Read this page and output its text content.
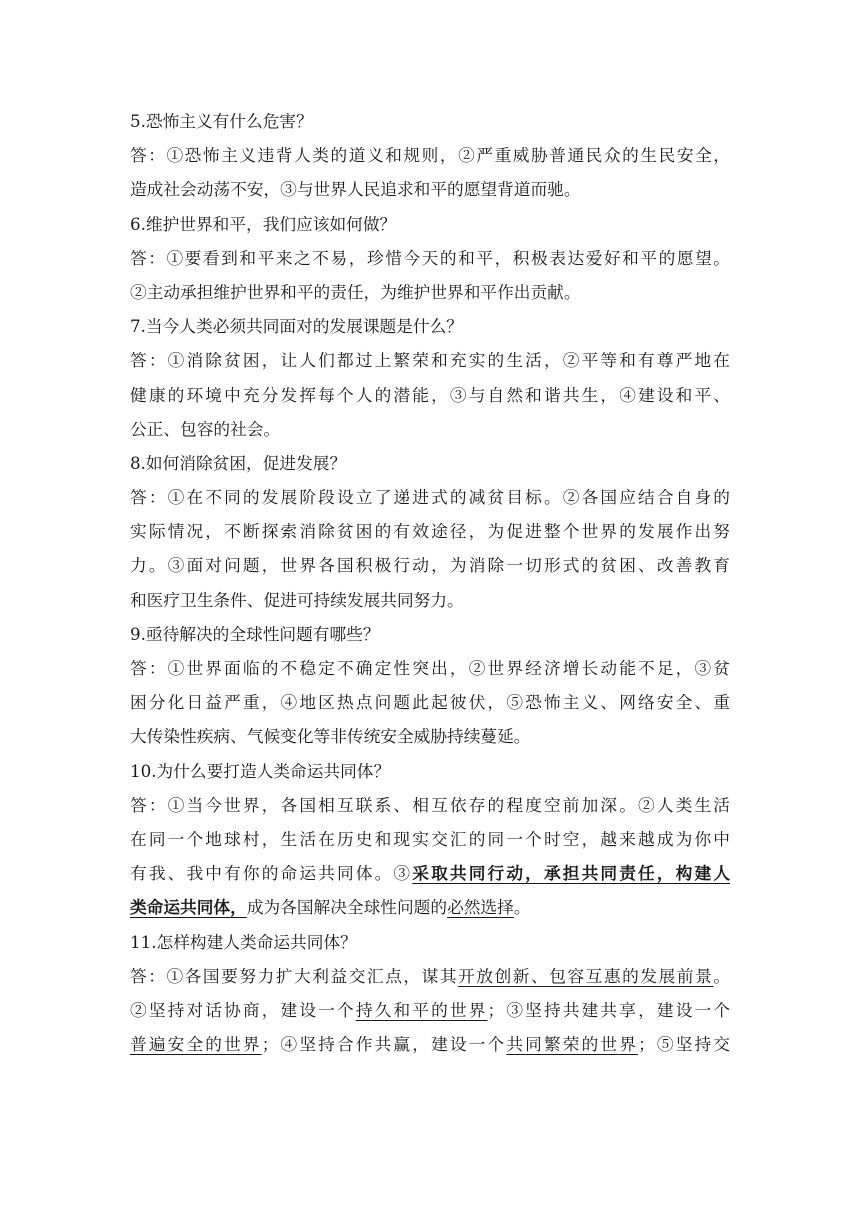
5.恐怖主义有什么危害？
答：①恐怖主义违背人类的道义和规则，②严重威胁普通民众的生民安全，
造成社会动荡不安，③与世界人民追求和平的愿望背道而驰。
6.维护世界和平，我们应该如何做？
答：①要看到和平来之不易，珍惜今天的和平，积极表达爱好和平的愿望。
②主动承担维护世界和平的责任，为维护世界和平作出贡献。
7.当今人类必须共同面对的发展课题是什么？
答：①消除贫困，让人们都过上繁荣和充实的生活，②平等和有尊严地在
健康的环境中充分发挥每个人的潜能，③与自然和谐共生，④建设和平、
公正、包容的社会。
8.如何消除贫困，促进发展？
答：①在不同的发展阶段设立了递进式的减贫目标。②各国应结合自身的
实际情况，不断探索消除贫困的有效途径，为促进整个世界的发展作出努
力。③面对问题，世界各国积极行动，为消除一切形式的贫困、改善教育
和医疗卫生条件、促进可持续发展共同努力。
9.亟待解决的全球性问题有哪些？
答：①世界面临的不稳定不确定性突出，②世界经济增长动能不足，③贫
困分化日益严重，④地区热点问题此起彼伏，⑤恐怖主义、网络安全、重
大传染性疾病、气候变化等非传统安全威胁持续蔓延。
10.为什么要打造人类命运共同体？
答：①当今世界，各国相互联系、相互依存的程度空前加深。②人类生活
在同一个地球村，生活在历史和现实交汇的同一个时空，越来越成为你中
有我、我中有你的命运共同体。③采取共同行动，承担共同责任，构建人
类命运共同体，成为各国解决全球性问题的必然选择。
11.怎样构建人类命运共同体？
答：①各国要努力扩大利益交汇点，谋其开放创新、包容互惠的发展前景。
②坚持对话协商，建设一个持久和平的世界；③坚持共建共享，建设一个
普遍安全的世界；④坚持合作共赢，建设一个共同繁荣的世界；⑤坚持交
